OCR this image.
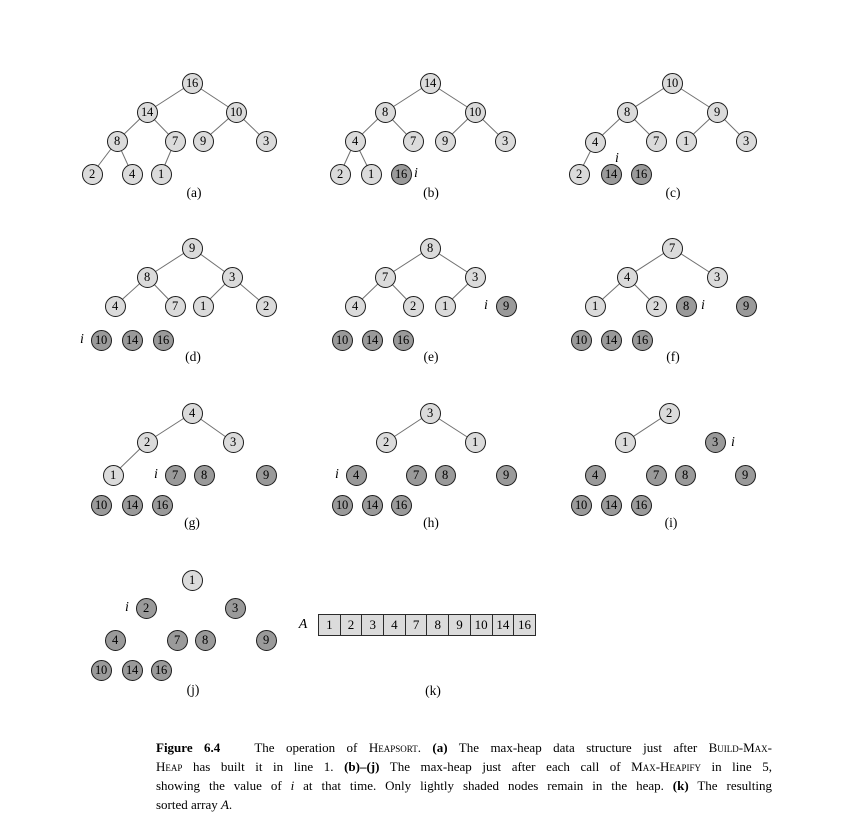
1	2	3	4	7	8	9 10 14 16
A
Figure 6.4   The operation of Heapsort. (a) The max-heap data structure just after Build-Max-
Heap has built it in line 1. (b)–(j) The max-heap just after each call of Max-Heapify in line 5,
showing the value of i at that time. Only lightly shaded nodes remain in the heap. (k) The resulting
sorted array A.
16
14	10
8	7	9	3
2	4	1
(a)
14
8	10
4	7	9	3
2	1	16 i
(b)
10
8	9
4	7	1	3
2	14	16
i
(c)
9
8	3
4	7	1	2
10	14	16
i
(d)
8
7	3
4	2	1	9
10	14	16
i
(e)
7
4	3
1	2	8	9
10	14	16
i
(f)
4
2	3
1	7	8	9
10	14	16
i
(g)
3
2	1
4	7	8	9
10	14	16
i
(h)
2
1	3
4	7	8	9
10	14	16
i
(i)
1
2	3
4	7	8	9
10	14	16
i
(j)	(k)
